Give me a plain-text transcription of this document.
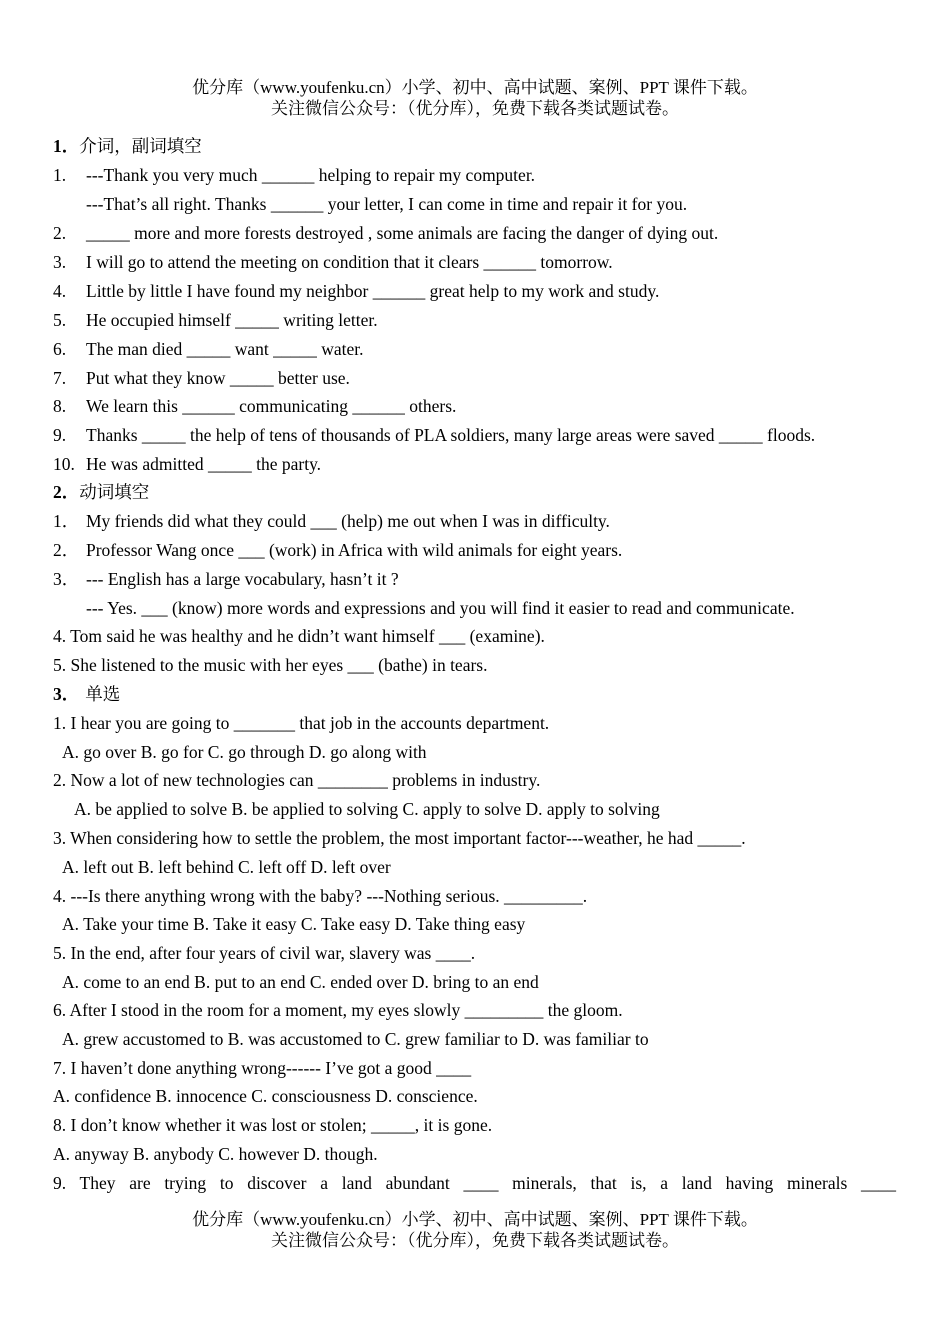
优分库（www.youfenku.cn）小学、初中、高中试题、案例、PPT 课件下载。
关注微信公众号：（优分库），免费下载各类试题试卷。
1．介词，副词填空
1. ---Thank you very much ______ helping to repair my computer.
---That’s all right. Thanks ______ your letter, I can come in time and repair it for you.
2. _____ more and more forests destroyed , some animals are facing the danger of dying out.
3. I will go to attend the meeting on condition that it clears ______ tomorrow.
4. Little by little I have found my neighbor ______ great help to my work and study.
5. He occupied himself _____ writing letter.
6. The man died _____ want _____ water.
7. Put what they know _____ better use.
8. We learn this ______ communicating ______ others.
9. Thanks _____ the help of tens of thousands of PLA soldiers, many large areas were saved _____ floods.
10. He was admitted _____ the party.
2．动词填空
1． My friends did what they could ___ (help) me out when I was in difficulty.
2． Professor Wang once ___ (work) in Africa with wild animals for eight years.
3． --- English has a large vocabulary, hasn’t it ?
--- Yes. ___ (know) more words and expressions and you will find it easier to read and communicate.
4. Tom said he was healthy and he didn’t want himself ___ (examine).
5. She listened to the music with her eyes ___ (bathe) in tears.
3． 单选
1. I hear you are going to _______ that job in the accounts department.
A. go over B. go for C. go through D. go along with
2. Now a lot of new technologies can ________ problems in industry.
A. be applied to solve B. be applied to solving C. apply to solve D. apply to solving
3. When considering how to settle the problem, the most important factor---weather, he had _____.
A. left out B. left behind C. left off D. left over
4. ---Is there anything wrong with the baby? ---Nothing serious. _________.
A. Take your time B. Take it easy C. Take easy D. Take thing easy
5. In the end, after four years of civil war, slavery was ____.
A. come to an end B. put to an end C. ended over D. bring to an end
6. After I stood in the room for a moment, my eyes slowly _________ the gloom.
A. grew accustomed to B. was accustomed to C. grew familiar to D. was familiar to
7. I haven’t done anything wrong------ I’ve got a good ____
A. confidence B. innocence C. consciousness D. conscience.
8. I don’t know whether it was lost or stolen; _____, it is gone.
A. anyway B. anybody C. however D. though.
9. They are trying to discover a land abundant ____ minerals, that is, a land having minerals ____
优分库（www.youfenku.cn）小学、初中、高中试题、案例、PPT 课件下载。
关注微信公众号：（优分库），免费下载各类试题试卷。
